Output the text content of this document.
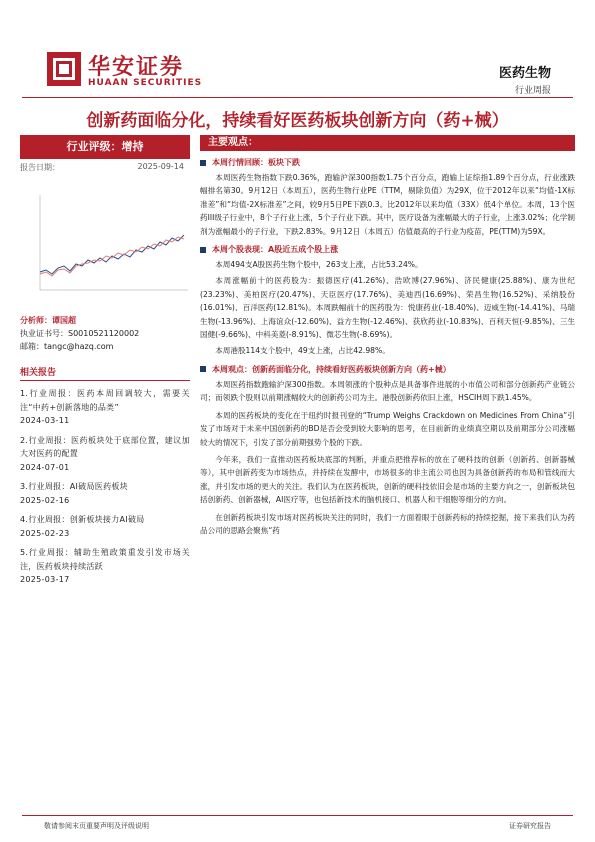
华安证券
HUAAN SECURITIES
医药生物
行业周报
创新药面临分化，持续看好医药板块创新方向（药+械）
行业评级：增持
报告日期：	2025-09-14
分析师：谭国超
执业证书号：S0010521120002
邮箱：tangc@hazq.com
相关报告
1.行业周报：医药本周回调较大，需要关注“中药+创新落地的品类”
2024-03-11
2.行业周报：医药板块处于底部位置，建议加大对医药的配置
2024-07-01
3.行业周报：AI破局医药板块
2025-02-16
4.行业周报：创新板块接力AI破局
2025-02-23
5.行业周报：辅助生殖政策重发引发市场关注，医药板块持续活跃
2025-03-17
主要观点：
本周行情回顾：板块下跌

本周医药生物指数下跌0.36%，跑输沪深300指数1.75个百分点，跑输上证综指1.89个百分点，行业涨跌幅排名第30。9月12日（本周五），医药生物行业PE（TTM，剔除负值）为29X，位于2012年以来“均值-1X标准差”和“均值-2X标准差”之间，较9月5日PE下跌0.3。比2012年以来均值（33X）低4个单位。本周，13个医药III级子行业中，8个子行业上涨，5个子行业下跌。其中，医疗设备为涨幅最大的子行业，上涨3.02%；化学制剂为涨幅最小的子行业，下跌2.83%。9月12日（本周五）估值最高的子行业为疫苗，PE(TTM)为59X。

本周个股表现：A股近五成个股上涨

本周494支A股医药生物个股中，263支上涨，占比53.24%。

本周涨幅前十的医药股为：振德医疗(41.26%)、浩欧博(27.96%)、济民健康(25.88%)、康为世纪(23.23%)、美柏医疗(20.47%)、天臣医疗(17.76%)、美迪西(16.69%)、荣昌生物(16.52%)、采纳股份(16.01%)、百洋医药(12.81%)。本周跌幅前十的医药股为：悦康药业(-18.40%)、迈威生物(-14.41%)、马瑞生物(-13.96%)、上海谊众(-12.60%)、益方生物(-12.46%)、获欣药业(-10.83%)、百利天恒(-9.85%)、三生国健(-9.66%)、中科美菱(-8.91%)、微芯生物(-8.69%)。

本周港股114支个股中，49支上涨，占比42.98%。

本周观点：创新药面临分化，持续看好医药板块创新方向（药+械）

本周医药指数跑输沪深300指数。本周领涨的个股种点是具备事件进展的小市值公司和部分创新药产业链公司；而领跌个股则以前期涨幅较大的创新药公司为主。港股创新药依旧上涨，HSCIH周下跌1.45%。

本周的医药板块的变化在于纽约时报刊登的“Trump Weighs Crackdown on Medicines From China”引发了市场对于未来中国创新药的BD是否会受到较大影响的思考，在目前新的业绩真空期以及前期部分公司涨幅较大的情况下，引发了部分前期强势个股的下跌。

今年来，我们一直推动医药板块底部的判断，并重点把推荐标的放在了硬科技的创新（创新药、创新器械等），其中创新药变为市场热点，并持续在发酵中，市场很多的非主流公司也因为具备创新药的布局和管线而大涨，并引发市场的更大的关注。我们认为在医药板块，创新的硬科技依旧会是市场的主要方向之一，创新板块包括创新药、创新器械，AI医疗等，也包括新技术的脑机接口、机器人和干细胞等细分的方向。

在创新药板块引发市场对医药板块关注的同时，我们一方面着眼于创新药标的持续挖掘，接下来我们认为药品公司的思路会聚焦“药

敬请参阅末页重要声明及评级说明	证券研究报告
